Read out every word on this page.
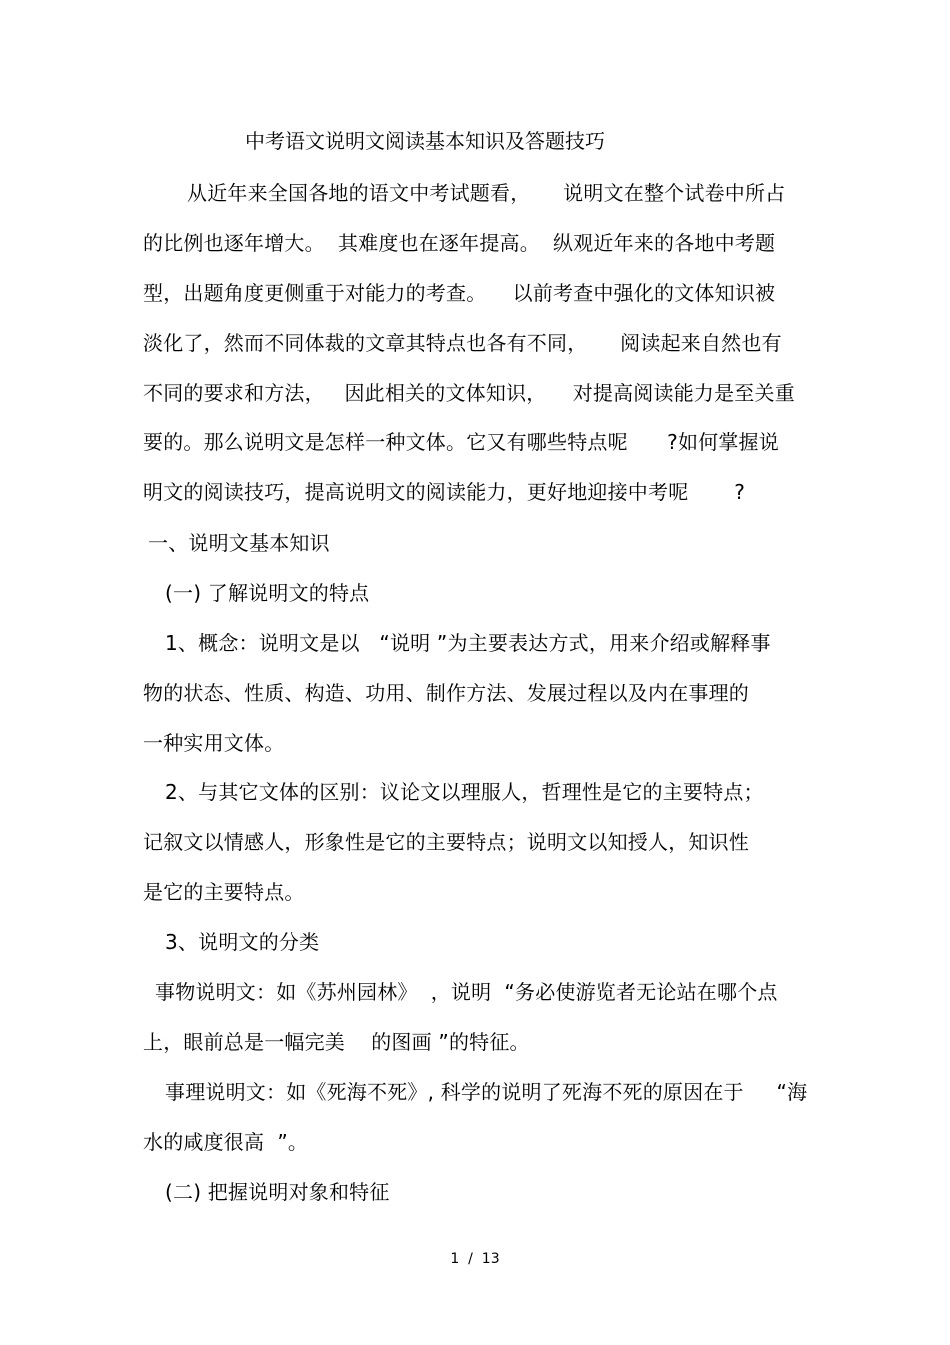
中考语文说明文阅读基本知识及答题技巧
从近年来全国各地的语文中考试题看，     说明文在整个试卷中所占
的比例也逐年增大。  其难度也在逐年提高。  纵观近年来的各地中考题
型，出题角度更侧重于对能力的考查。    以前考查中强化的文体知识被
淡化了，然而不同体裁的文章其特点也各有不同，     阅读起来自然也有
不同的要求和方法，   因此相关的文体知识，    对提高阅读能力是至关重
要的。那么说明文是怎样一种文体。它又有哪些特点呢      ?如何掌握说
明文的阅读技巧，提高说明文的阅读能力，更好地迎接中考呢       ?
一、说明文基本知识
(一) 了解说明文的特点
1、概念：说明文是以   “说明 ”为主要表达方式，用来介绍或解释事
物的状态、性质、构造、功用、制作方法、发展过程以及内在事理的
一种实用文体。
2、与其它文体的区别：议论文以理服人，哲理性是它的主要特点；
记叙文以情感人，形象性是它的主要特点；说明文以知授人，知识性
是它的主要特点。
3、说明文的分类
事物说明文：如《苏州园林》  ，说明  “务必使游览者无论站在哪个点
上，眼前总是一幅完美    的图画 ”的特征。
事理说明文：如《死海不死》, 科学的说明了死海不死的原因在于     “海
水的咸度很高  ”。
(二) 把握说明对象和特征
1  /  13
